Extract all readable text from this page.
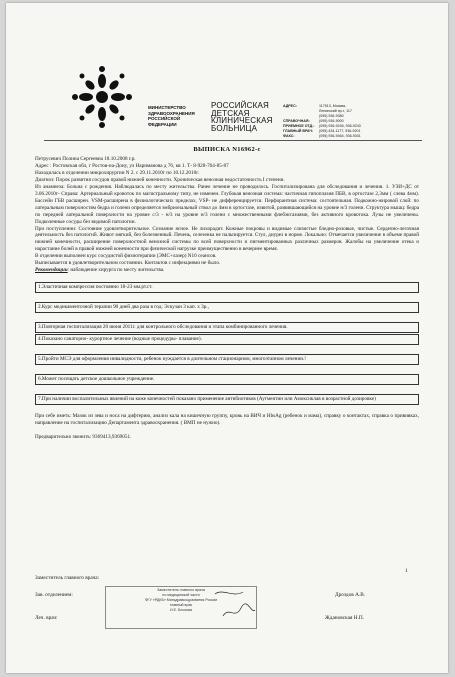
МИНИСТЕРСТВО
ЗДРАВООХРАНЕНИЯ
РОССИЙСКОЙ
ФЕДЕРАЦИИ
РОССИЙСКАЯ
ДЕТСКАЯ
КЛИНИЧЕСКАЯ
БОЛЬНИЦА
АДРЕС:	117513, Москва,
Ленинский пр-т, 117
(095) 936-9380
СПРАВОЧНАЯ:	(095) 936-9000
ПРИЕМНОЕ ОТД.:	(095) 936-9246, 936-9243
ГЛАВНЫЙ ВРАЧ:	(095) 434-1177, 936-9201
ФАКС:	(095) 936-9464, 936-9301
ВЫПИСКА N16962-с

Петрусевич Полина Сергеевна 18.10.2008 г.р.

Адрес : Ростовская обл, г Ростов-на-Дону, ул Нариманова д 76, кв 1. Т- 8-928-764-85-87

Находилась в отделении микрохирургии N 2. с 29.11.2010г по 10.12.2010г.

Диагноз: Порок развития сосудов правой нижней конечности. Хроническая венозная недостаточность I степени.

Из анамнеза: Больна с рождения. Наблюдалась по месту жительства. Ранее лечение не проводилось. Госпитализирована для обследования и лечения. 1. УЗИ+ДС от 3.06.2010г- Справа: Артериальный кровоток по магистральному типу, не изменен. Глубокая венозная система: частичная гипоплазия ПБВ, в ортостазе 2,3мм ( слева 4мм). Бассейн ГБВ расширен. VSM-расширена в физиологических пределах, VSP- не дифференцируется. Перфорантная система: состоятельная. Подкожно-жировой слой: по латеральным поверхностям бедра и голени определяется эмбриональный ствол до 4мм в ортостазе, извитой, развившающийся на уровне н/3 голени. Структура мышц: бедра по передней латеральной поверхности на уровне с/3 - н/3 на уровне н/3 голени с множественными флебэктазиями, без активного кровотока. Лузы не увеличены. Подколенные сосуды без видимой патологии.

При поступлении: Состояние удовлетворительное. Сознание ясное. Не лихорадит. Кожные покровы и видимые слизистые бледно-розовые, чистые. Сердечно-легочная деятельность без патологий. Живот мягкий, без болезненный. Печень, селезенка не пальпируется. Стул, диурез в норме. Локально: Отмечается увеличение в объеме правой нижней конечности, расширение поверхностной венозной системы по всей поверхности и пигментированных различных размеров. Жалобы на увеличение отека и нарастание болей в правой нижней конечности при физической нагрузке преимущественно в вечернее время.

В отделении выполнен курс сосудистой физиотерапии (ЭМС+лазер) N10 сеансов.

Выписывается в удовлетворительном состоянии. Контактов с инфекциями не было.

Рекомендации: наблюдение хирурга по месту жительства.

1.Эластичная компрессия постоянно 18-23 мм.рт.ст.
2.Курс медикаментозной терапии 90 дней два раза в год: Эскузан 3 кап. х 3р.,
3.Повторная госпитализация 20 июня 2011г. для контрольного обследования и этапа комбинированного лечения.
4.Показано санаторно- курортное лечение (водные процедуры- плавание).
5.Пройти МСЭ для оформления инвалидности, ребенок нуждается в длительном стационарном, многоэтапном лечении.!
6.Может посещать детское дошкольное учреждение.
7.При наличии воспалительных явлений на коже конечностей показано применение антибиотиков (Аугментин или Амоксиклав в возрастной дозировке)

При себе иметь: Мазок из зева и носа на дифтерию, анализ кала на кишечную группу, кровь на ВИЧ и HbsAg (ребенок и мама), справку о контактах, справка о прививках, направление на госпитализацию Департамента здравоохранения. ( ВМП не нужно).

Предварительно звонить: 9369413,9369051.

Заместитель главного врача:
Зав. отделением:	Дроздов А.В.
Леч. врач:	Ждановская Н.П.
Заместитель главного врача
по медицинской части
ФГУ «РДКБ» Минздравсоцразвития России
главный врач
И.Е. Блохова
1
